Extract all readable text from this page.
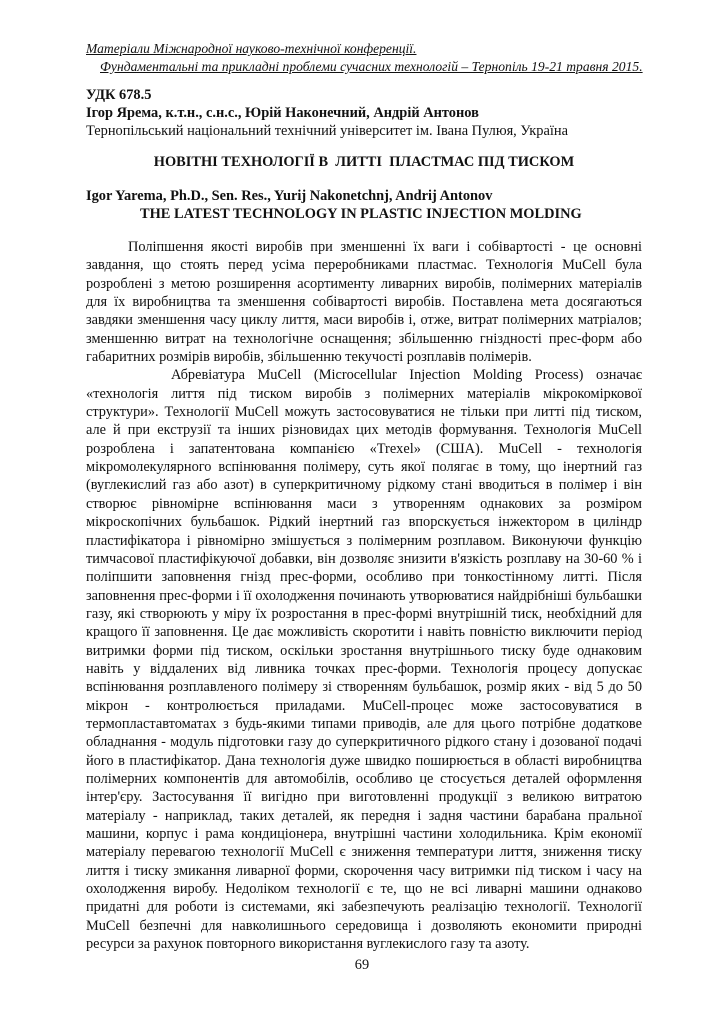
Матеріали Міжнародної науково-технічної конференції.
Фундаментальні та прикладні проблеми сучасних технологій – Тернопіль 19-21 травня 2015.
УДК 678.5
Ігор Ярема, к.т.н., с.н.с., Юрій Наконечний, Андрій Антонов
Тернопільський національний технічний університет ім. Івана Пулюя, Україна
НОВІТНІ ТЕХНОЛОГІЇ В  ЛИТТІ  ПЛАСТМАС ПІД ТИСКОМ
Igor Yarema, Ph.D., Sen. Res., Yurij Nakonetchnj, Andrij Antonov
THE LATEST TECHNOLOGY IN PLASTIC INJECTION MOLDING

Поліпшення якості виробів при зменшенні їх ваги і собівартості - це основні завдання, що стоять перед усіма переробниками пластмас. Технологія MuCell була розроблені з метою розширення асортименту ливарних виробів, полімерних матеріалів для їх виробництва та зменшення собівартості виробів. Поставлена мета досягаються завдяки зменшення часу циклу лиття, маси виробів і, отже, витрат полімерних матріалов; зменшенню витрат на технологічне оснащення; збільшенню гніздності прес-форм або габаритних розмірів виробів, збільшенню текучості розплавів полімерів.

Абревіатура MuCell (Microcellular Injection Molding Process) означає «технологія лиття під тиском виробів з полімерних матеріалів мікрокоміркової структури». Технології MuCell можуть застосовуватися не тільки при литті під тиском, але й при екструзії та інших різновидах цих методів формування. Технологія MuCell розроблена і запатентована компанією «Trexel» (США). MuCell - технологія мікромолекулярного вспінювання полімеру, суть якої полягає в тому, що інертний газ (вуглекислий газ або азот) в суперкритичному рідкому стані вводиться в полімер і він створює рівномірне вспінювання маси з утворенням однакових за розміром мікроскопічних бульбашок. Рідкий інертний газ впорскується інжектором в циліндр пластифікатора і рівномірно змішується з полімерним розплавом. Виконуючи функцію тимчасової пластифікуючої добавки, він дозволяє знизити в'язкість розплаву на 30-60 % і поліпшити заповнення гнізд прес-форми, особливо при тонкостінному литті. Після заповнення прес-форми і її охолодження починають утворюватися найдрібніші бульбашки газу, які створюють у міру їх розростання в прес-формі внутрішній тиск, необхідний для кращого її заповнення. Це дає можливість скоротити і навіть повністю виключити період витримки форми під тиском, оскільки зростання внутрішнього тиску буде однаковим навіть у віддалених від ливника точках прес-форми. Технологія процесу допускає вспінювання розплавленого полімеру зі створенням бульбашок, розмір яких - від 5 до 50 мікрон - контролюється приладами. MuCell-процес може застосовуватися в термопластавтоматах з будь-якими типами приводів, але для цього потрібне додаткове обладнання - модуль підготовки газу до суперкритичного рідкого стану і дозованої подачі його в пластифікатор. Дана технологія дуже швидко поширюється в області виробництва полімерних компонентів для автомобілів, особливо це стосується деталей оформлення інтер'єру. Застосування її вигідно при виготовленні продукції з великою витратою матеріалу - наприклад, таких деталей, як передня і задня частини барабана пральної машини, корпус і рама кондиціонера, внутрішні частини холодильника. Крім економії матеріалу перевагою технології MuCell є зниження температури лиття, зниження тиску лиття і тиску змикання ливарної форми, скорочення часу витримки під тиском і часу на охолодження виробу. Недоліком технології є те, що не всі ливарні машини однаково придатні для роботи із системами, які забезпечують реалізацію технології. Технології MuCell безпечні для навколишнього середовища і дозволяють економити природні ресурси за рахунок повторного використання вуглекислого газу та азоту.

69
